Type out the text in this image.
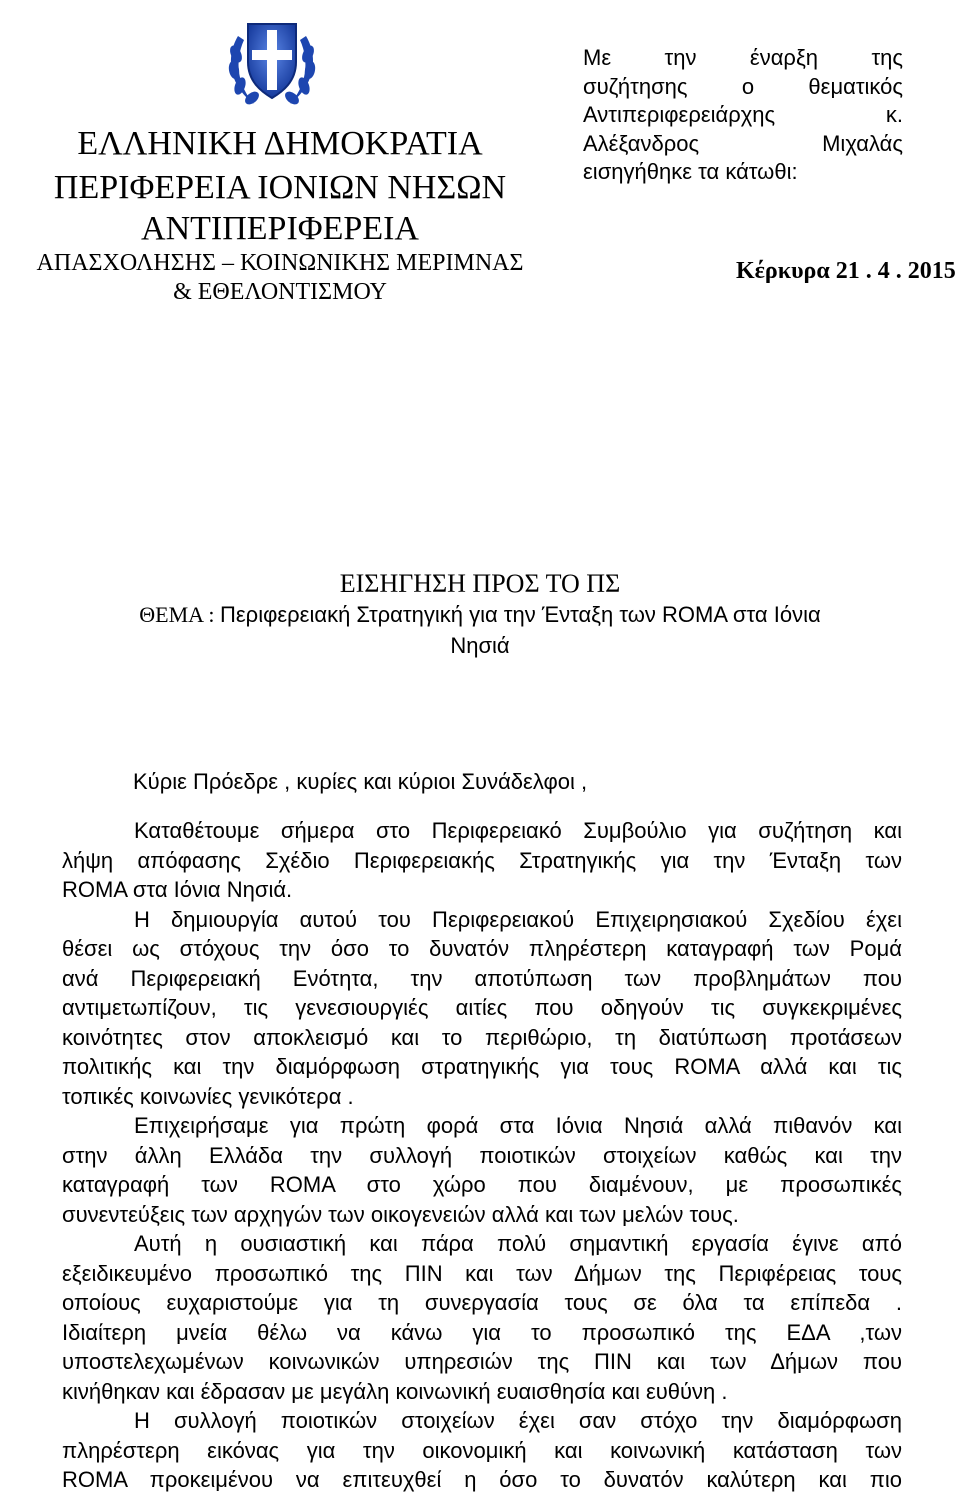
ΕΛΛΗΝΙΚΗ ΔΗΜΟΚΡΑΤΙΑ
ΠΕΡΙΦΕΡΕΙΑ ΙΟΝΙΩΝ ΝΗΣΩΝ
ΑΝΤΙΠΕΡΙΦΕΡΕΙΑ
ΑΠΑΣΧΟΛΗΣΗΣ – ΚΟΙΝΩΝΙΚΗΣ ΜΕΡΙΜΝΑΣ
& ΕΘΕΛΟΝΤΙΣΜΟΥ
Με την έναρξη της
συζήτησης ο θεματικός
Αντιπεριφερειάρχης κ.
Αλέξανδρος Μιχαλάς
εισηγήθηκε τα κάτωθι:
Κέρκυρα 21 . 4 . 2015
ΕΙΣΗΓΗΣΗ ΠΡΟΣ ΤΟ ΠΣ
ΘΕΜΑ : Περιφερειακή Στρατηγική για την Ένταξη των ROMA στα Ιόνια
Νησιά
Κύριε Πρόεδρε , κυρίες και κύριοι Συνάδελφοι ,
Καταθέτουμε σήμερα στο Περιφερειακό Συμβούλιο για συζήτηση και
λήψη απόφασης Σχέδιο Περιφερειακής Στρατηγικής για την Ένταξη των
ROMA στα Ιόνια Νησιά.
Η δημιουργία αυτού του Περιφερειακού Επιχειρησιακού Σχεδίου έχει
θέσει ως στόχους την όσο το δυνατόν πληρέστερη καταγραφή των Ρομά
ανά Περιφερειακή Ενότητα, την αποτύπωση των προβλημάτων που
αντιμετωπίζουν, τις γενεσιουργιές αιτίες που οδηγούν τις συγκεκριμένες
κοινότητες στον αποκλεισμό και το περιθώριο, τη διατύπωση προτάσεων
πολιτικής και την διαμόρφωση στρατηγικής για τους ROMA αλλά και τις
τοπικές κοινωνίες γενικότερα .
Επιχειρήσαμε για πρώτη φορά στα Ιόνια Νησιά αλλά πιθανόν και
στην άλλη Ελλάδα την συλλογή ποιοτικών στοιχείων καθώς και την
καταγραφή των ROMA στο χώρο που διαμένουν, με προσωπικές
συνεντεύξεις των αρχηγών των οικογενειών αλλά και των μελών τους.
Αυτή η ουσιαστική και πάρα πολύ σημαντική εργασία έγινε από
εξειδικευμένο προσωπικό της ΠΙΝ και των Δήμων της Περιφέρειας τους
οποίους ευχαριστούμε για τη συνεργασία τους σε όλα τα επίπεδα .
Ιδιαίτερη μνεία θέλω να κάνω για το προσωπικό της ΕΔΑ ,των
υποστελεχωμένων κοινωνικών υπηρεσιών της ΠΙΝ και των Δήμων που
κινήθηκαν και έδρασαν με μεγάλη κοινωνική ευαισθησία και ευθύνη .
Η συλλογή ποιοτικών στοιχείων έχει σαν στόχο την διαμόρφωση
πληρέστερη εικόνας για την οικονομική και κοινωνική κατάσταση των
ROMA προκειμένου να επιτευχθεί η όσο το δυνατόν καλύτερη και πιο
